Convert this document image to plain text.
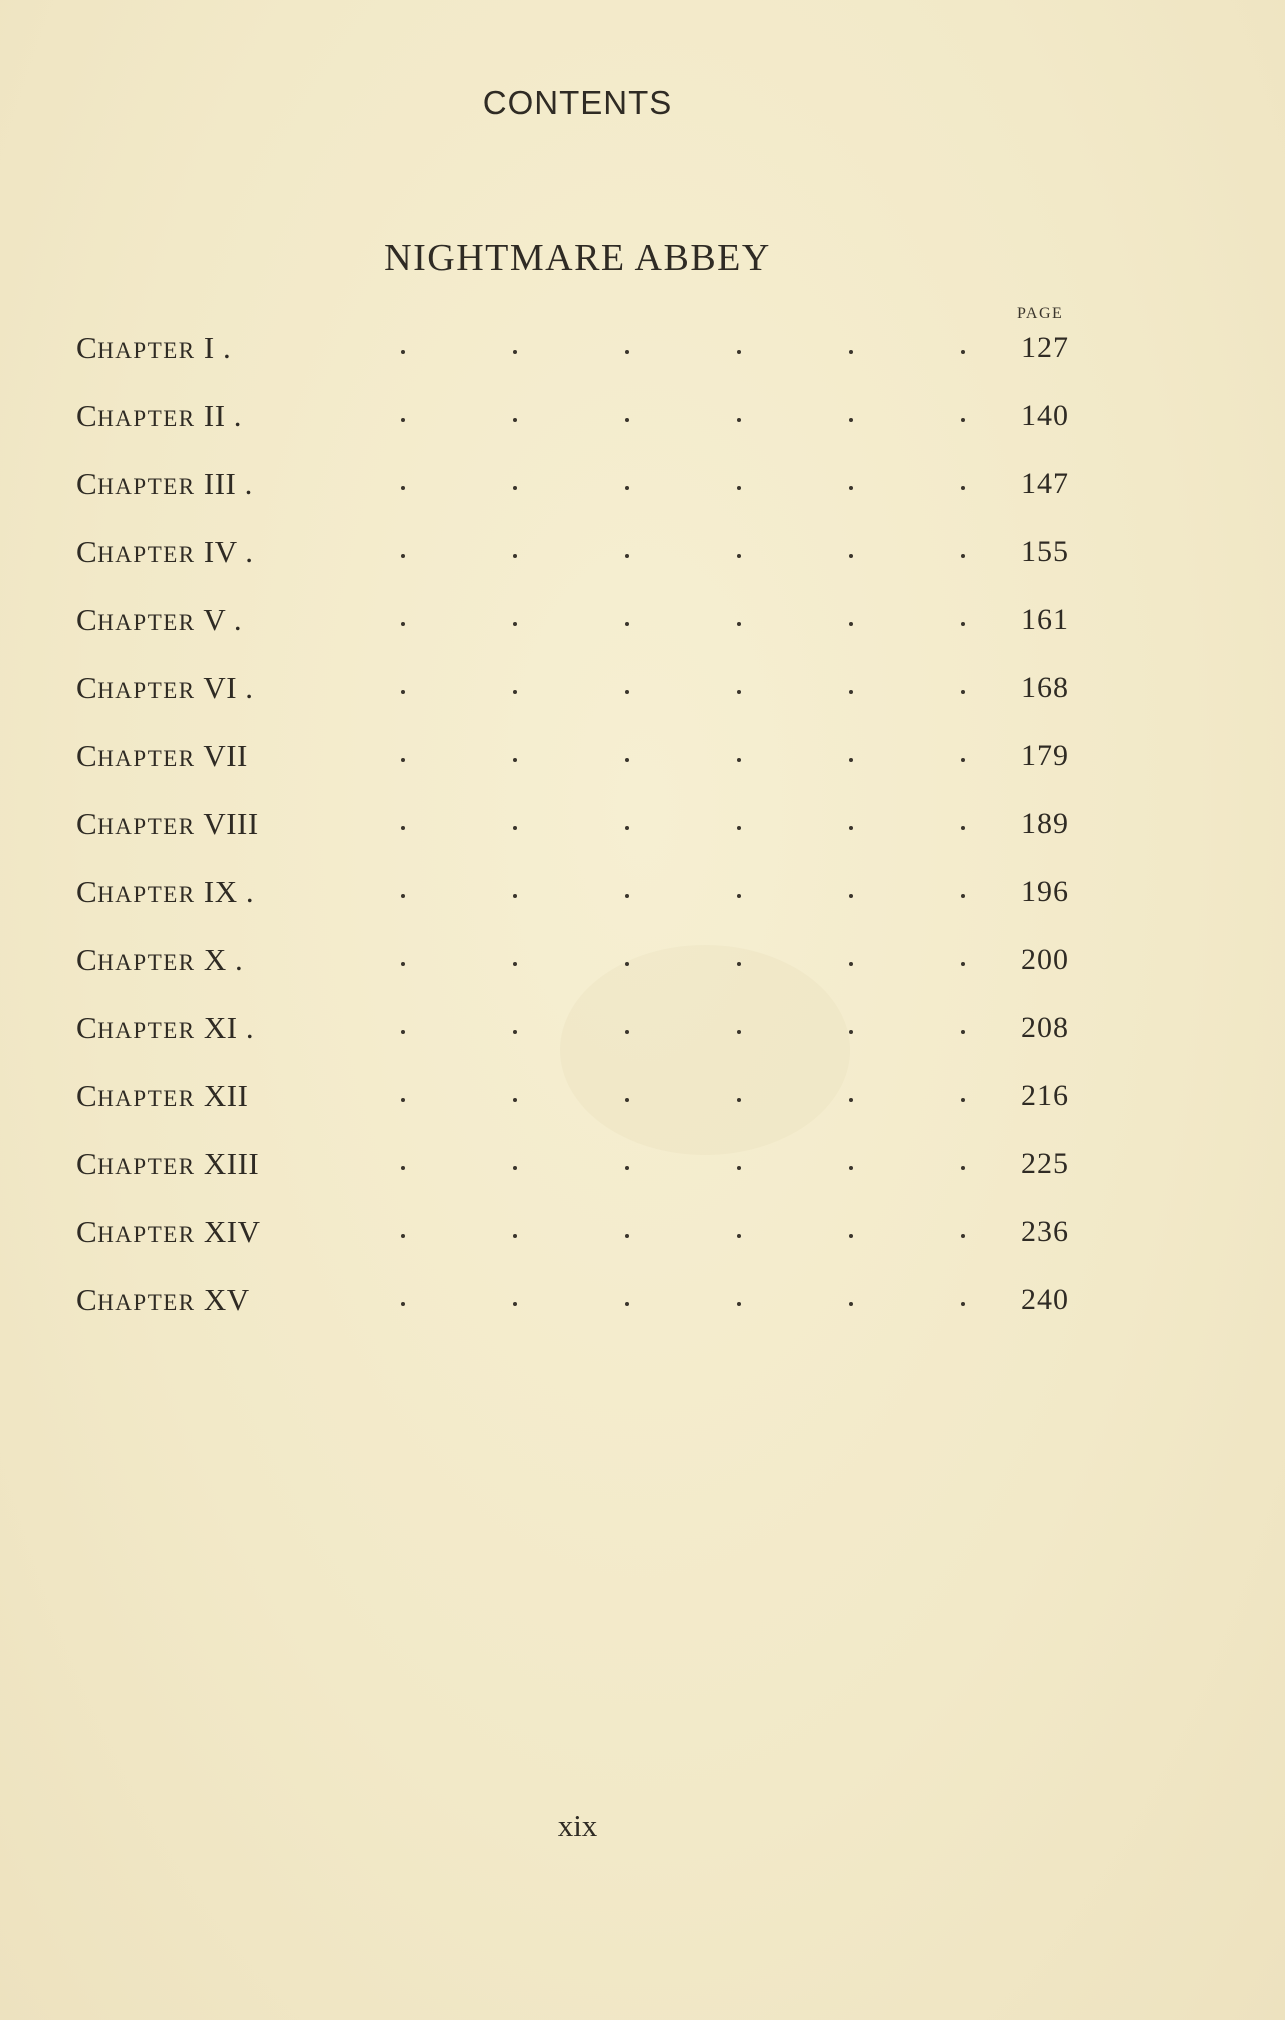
CONTENTS
NIGHTMARE ABBEY
PAGE
CHAPTER I .	127
CHAPTER II .	140
CHAPTER III .	147
CHAPTER IV .	155
CHAPTER V .	161
CHAPTER VI .	168
CHAPTER VII	179
CHAPTER VIII	189
CHAPTER IX .	196
CHAPTER X .	200
CHAPTER XI .	208
CHAPTER XII	216
CHAPTER XIII	225
CHAPTER XIV	236
CHAPTER XV	240
xix
